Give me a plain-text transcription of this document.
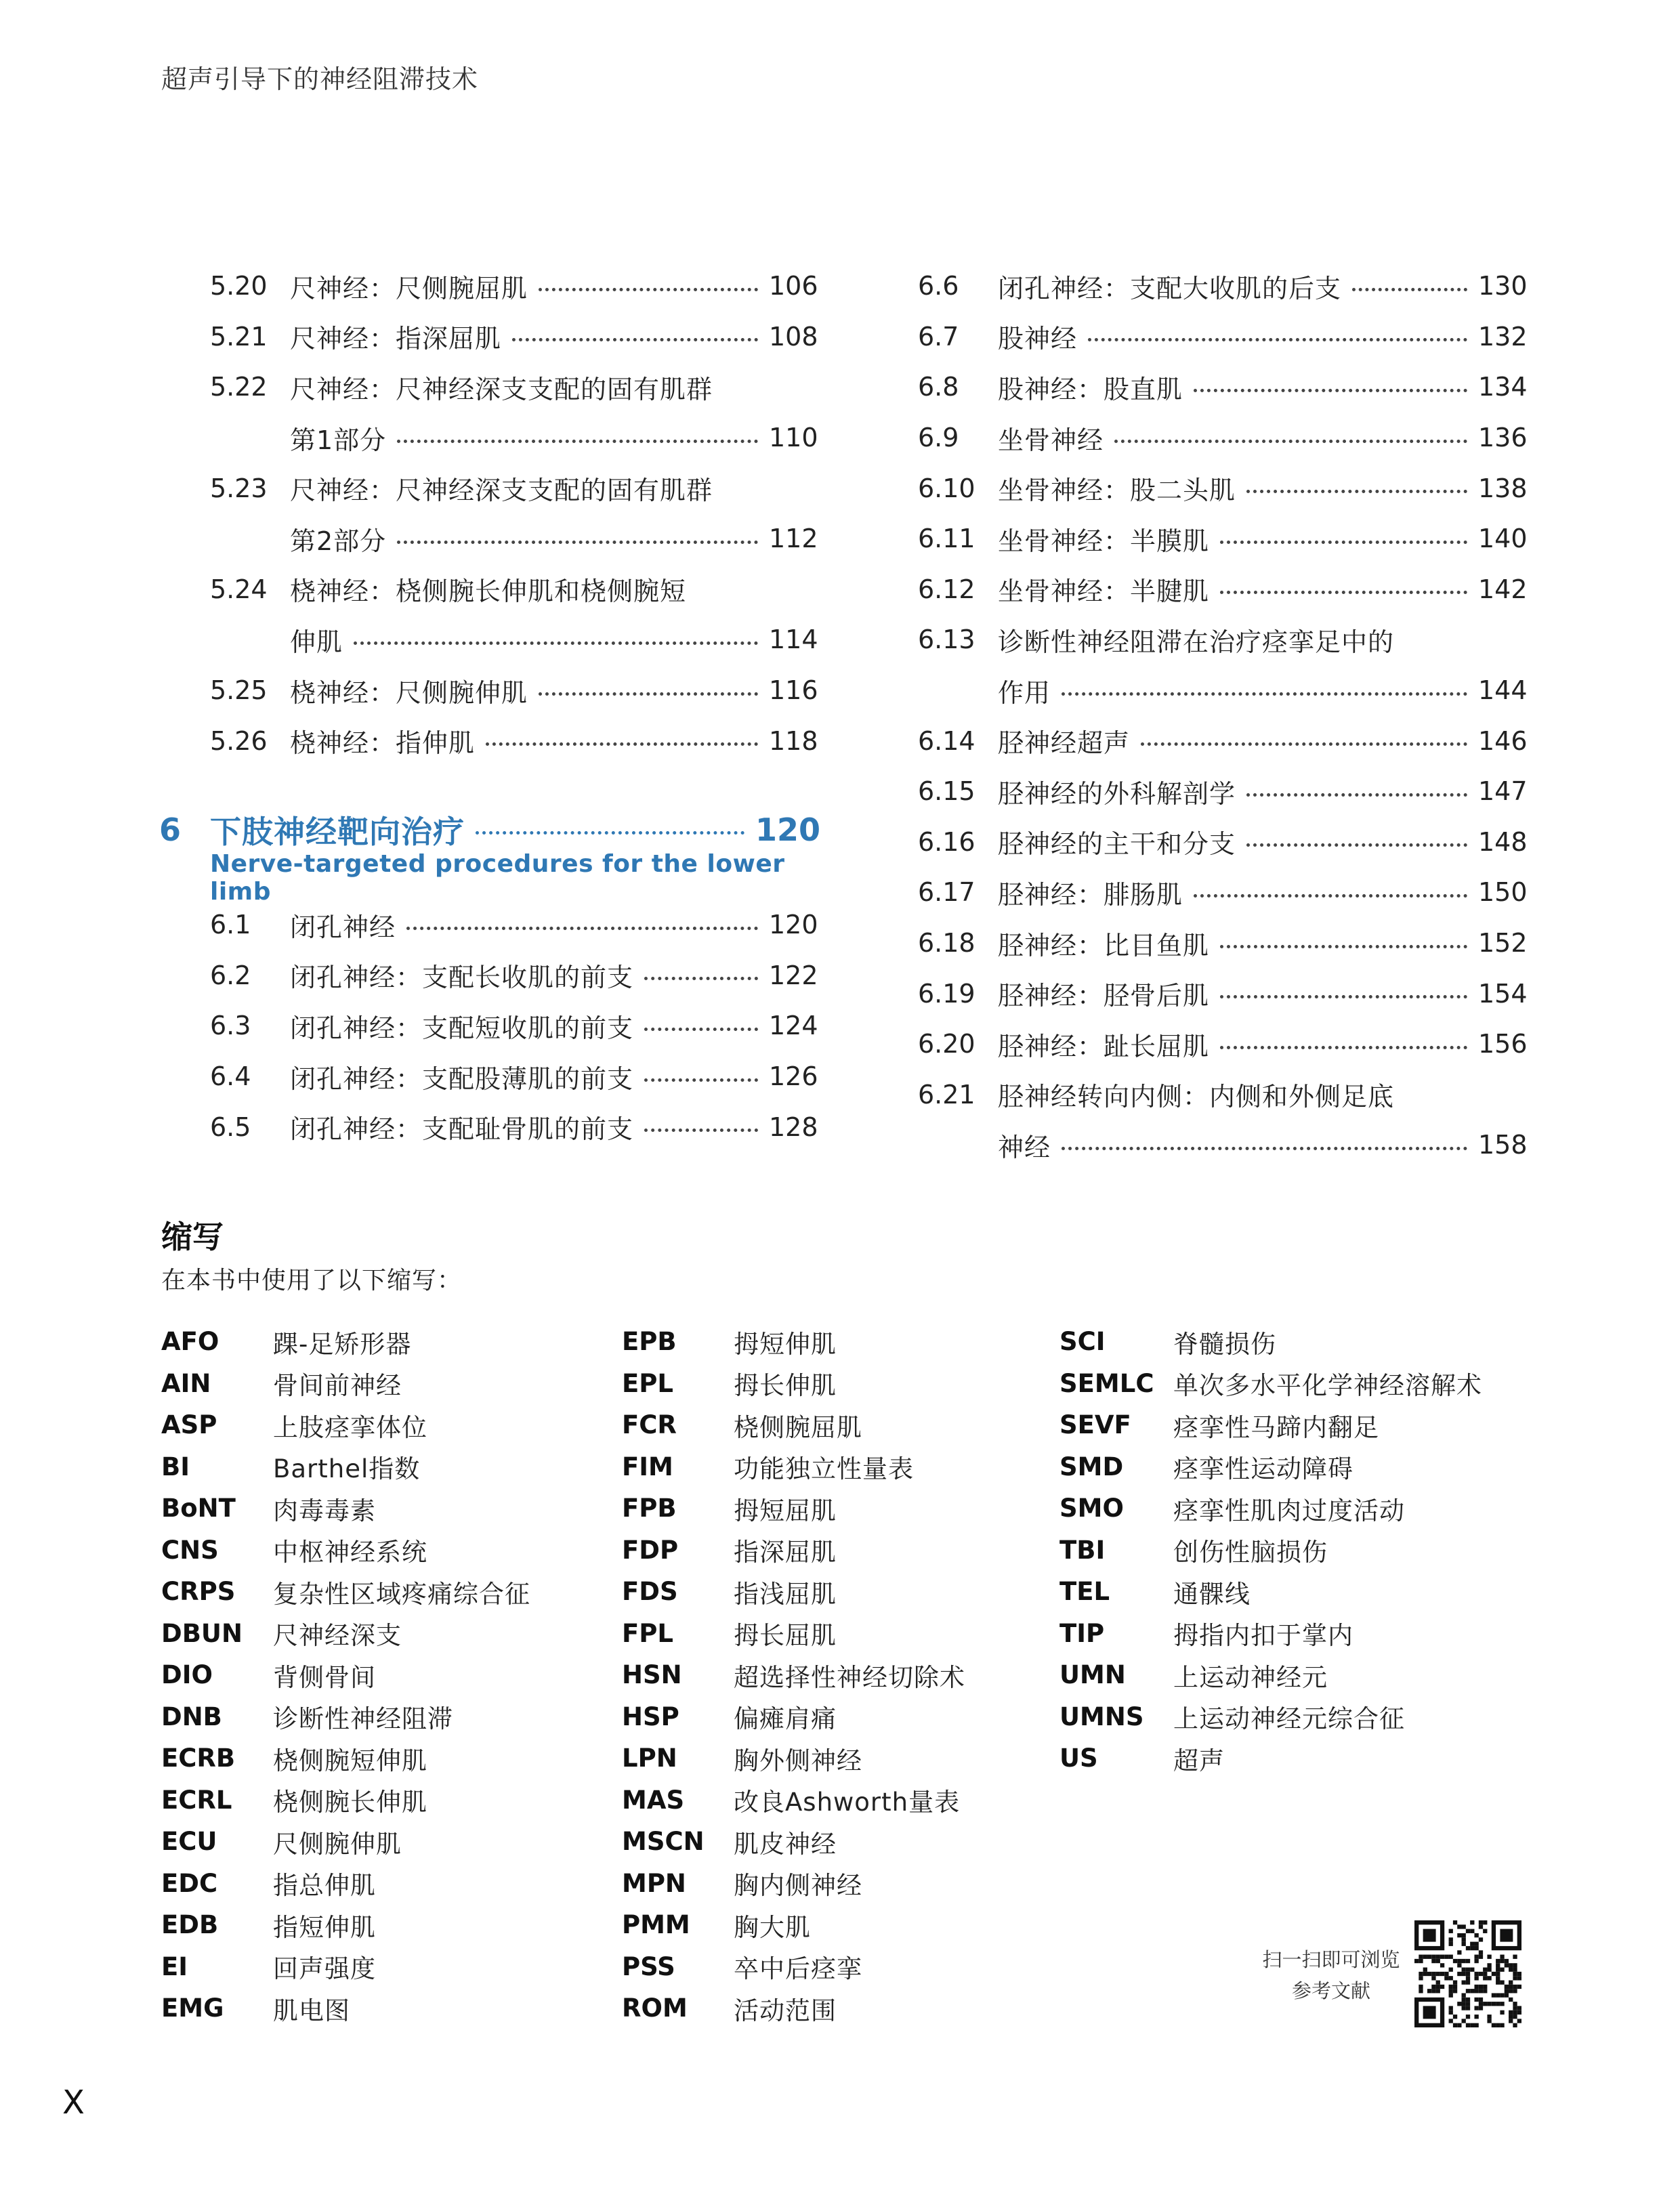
超声引导下的神经阻滞技术
5.20 尺神经：尺侧腕屈肌	106
5.21 尺神经：指深屈肌	108
5.22 尺神经：尺神经深支支配的固有肌群
第1部分	110
5.23 尺神经：尺神经深支支配的固有肌群
第2部分	112
5.24 桡神经：桡侧腕长伸肌和桡侧腕短
伸肌	114
5.25 桡神经：尺侧腕伸肌	116
5.26 桡神经：指伸肌	118
6 下肢神经靶向治疗	120
Nerve-targeted procedures for the lower limb
6.1	闭孔神经	120
6.2	闭孔神经：支配长收肌的前支	122
6.3	闭孔神经：支配短收肌的前支	124
6.4	闭孔神经：支配股薄肌的前支	126
6.5	闭孔神经：支配耻骨肌的前支	128
6.6	闭孔神经：支配大收肌的后支	130
6.7	股神经	132
6.8	股神经：股直肌	134
6.9	坐骨神经	136
6.10 坐骨神经：股二头肌	138
6.11 坐骨神经：半膜肌	140
6.12 坐骨神经：半腱肌	142
6.13 诊断性神经阻滞在治疗痉挛足中的
作用	144
6.14 胫神经超声	146
6.15 胫神经的外科解剖学	147
6.16 胫神经的主干和分支	148
6.17 胫神经：腓肠肌	150
6.18 胫神经：比目鱼肌	152
6.19 胫神经：胫骨后肌	154
6.20 胫神经：趾长屈肌	156
6.21 胫神经转向内侧：内侧和外侧足底
神经	158
缩写
在本书中使用了以下缩写：
AFO	踝-足矫形器
AIN	骨间前神经
ASP	上肢痉挛体位
BI	Barthel指数
BoNT	肉毒毒素
CNS	中枢神经系统
CRPS	复杂性区域疼痛综合征
DBUN	尺神经深支
DIO	背侧骨间
DNB	诊断性神经阻滞
ECRB	桡侧腕短伸肌
ECRL	桡侧腕长伸肌
ECU	尺侧腕伸肌
EDC	指总伸肌
EDB	指短伸肌
EI	回声强度
EMG	肌电图
EPB	拇短伸肌
EPL	拇长伸肌
FCR	桡侧腕屈肌
FIM	功能独立性量表
FPB	拇短屈肌
FDP	指深屈肌
FDS	指浅屈肌
FPL	拇长屈肌
HSN	超选择性神经切除术
HSP	偏瘫肩痛
LPN	胸外侧神经
MAS	改良Ashworth量表
MSCN	肌皮神经
MPN	胸内侧神经
PMM	胸大肌
PSS	卒中后痉挛
ROM	活动范围
SCI	脊髓损伤
SEMLC 单次多水平化学神经溶解术
SEVF	痉挛性马蹄内翻足
SMD	痉挛性运动障碍
SMO	痉挛性肌肉过度活动
TBI	创伤性脑损伤
TEL	通髁线
TIP	拇指内扣于掌内
UMN	上运动神经元
UMNS	上运动神经元综合征
US	超声
扫一扫即可浏览
参考文献
X
